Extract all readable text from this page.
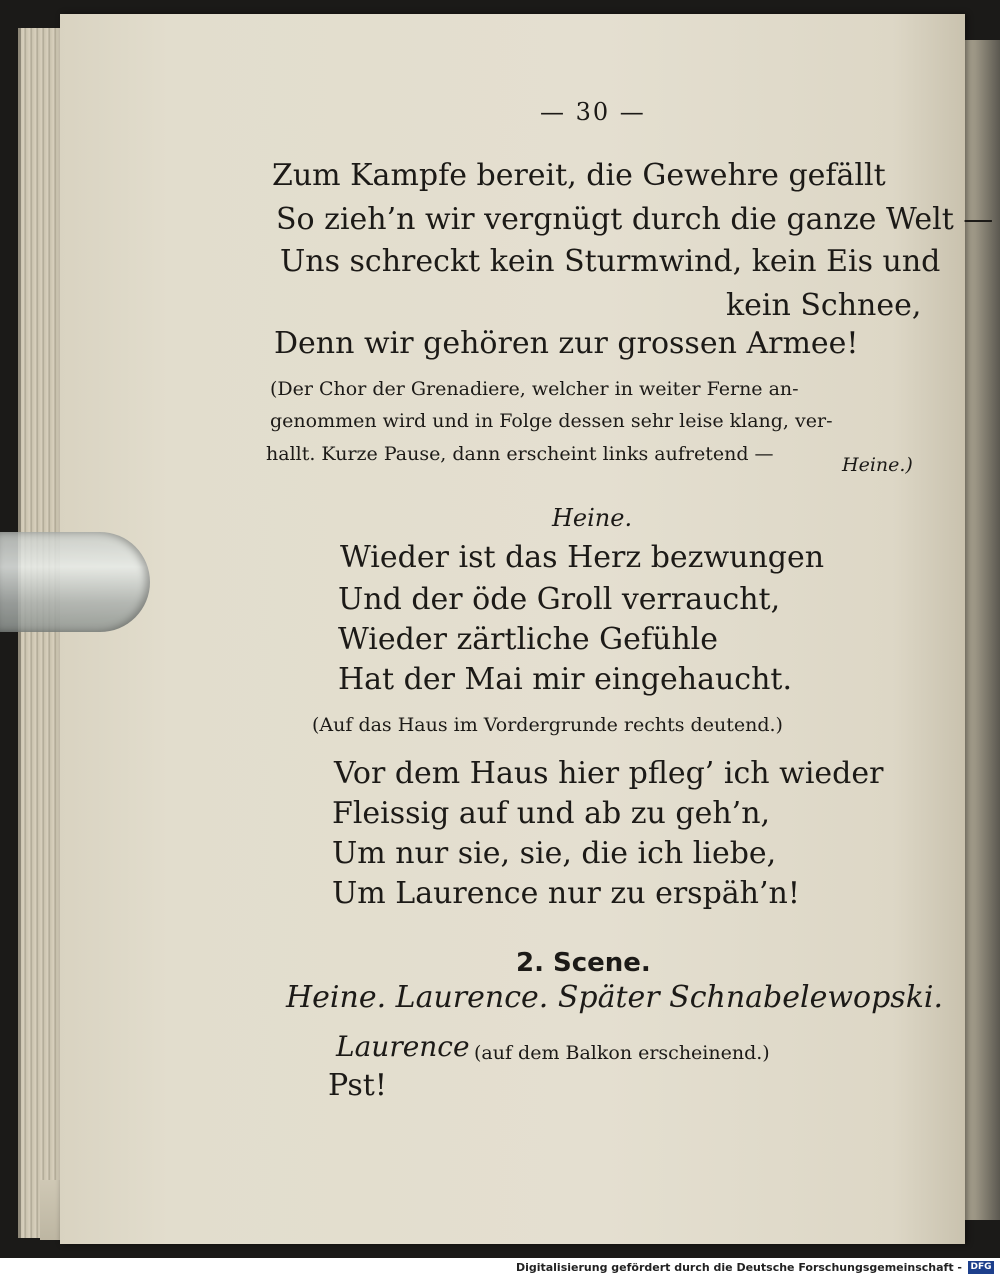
— 30 —
Zum Kampfe bereit, die Gewehre gefällt
So zieh’n wir vergnügt durch die ganze Welt —
Uns schreckt kein Sturmwind, kein Eis und
kein Schnee,
Denn wir gehören zur grossen Armee!
(Der Chor der Grenadiere, welcher in weiter Ferne an-
genommen wird und in Folge dessen sehr leise klang, ver-
hallt. Kurze Pause, dann erscheint links aufretend —	Heine.)
Heine.
Wieder ist das Herz bezwungen
Und der öde Groll verraucht,
Wieder zärtliche Gefühle
Hat der Mai mir eingehaucht.
(Auf das Haus im Vordergrunde rechts deutend.)
Vor dem Haus hier pfleg’ ich wieder
Fleissig auf und ab zu geh’n,
Um nur sie, sie, die ich liebe,
Um Laurence nur zu erspäh’n!
2. Scene.
Heine. Laurence. Später Schnabelewopski.
Laurence (auf dem Balkon erscheinend.)
Pst!
Digitalisierung gefördert durch die Deutsche Forschungsgemeinschaft - DFG
